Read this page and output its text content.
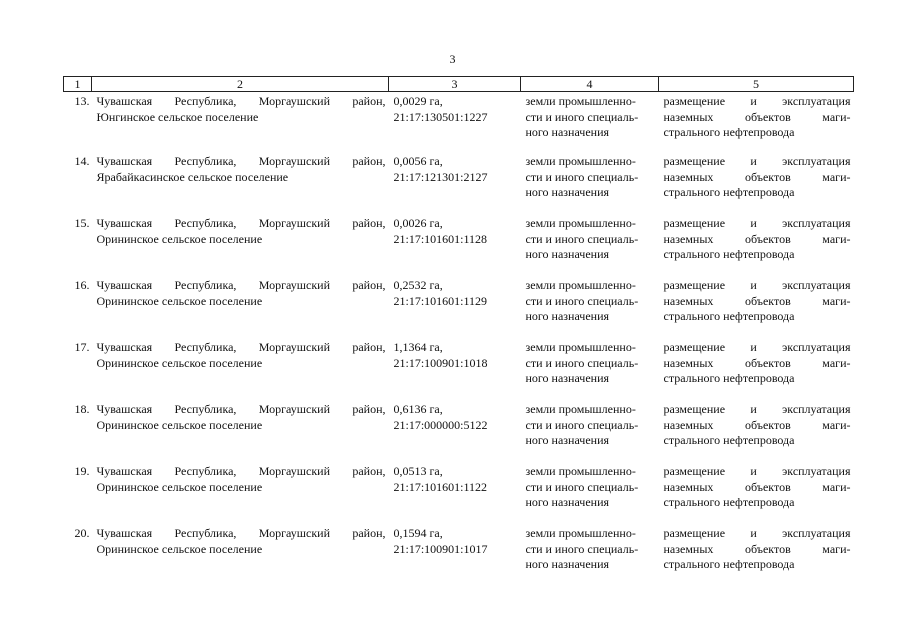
3
1	2	3	4	5

13.	Чувашская Республика, Моргаушский район,
Юнгинское сельское поселение	0,0029 га,
21:17:130501:1227	земли промышленно-
сти и иного специаль-
ного назначения	размещение и эксплуатация
наземных объектов маги-
стрального нефтепровода

14.	Чувашская Республика, Моргаушский район,
Ярабайкасинское сельское поселение	0,0056 га,
21:17:121301:2127	земли промышленно-
сти и иного специаль-
ного назначения	размещение и эксплуатация
наземных объектов маги-
стрального нефтепровода

15.	Чувашская Республика, Моргаушский район,
Орининское сельское поселение	0,0026 га,
21:17:101601:1128	земли промышленно-
сти и иного специаль-
ного назначения	размещение и эксплуатация
наземных объектов маги-
стрального нефтепровода

16.	Чувашская Республика, Моргаушский район,
Орининское сельское поселение	0,2532 га,
21:17:101601:1129	земли промышленно-
сти и иного специаль-
ного назначения	размещение и эксплуатация
наземных объектов маги-
стрального нефтепровода

17.	Чувашская Республика, Моргаушский район,
Орининское сельское поселение	1,1364 га,
21:17:100901:1018	земли промышленно-
сти и иного специаль-
ного назначения	размещение и эксплуатация
наземных объектов маги-
стрального нефтепровода

18.	Чувашская Республика, Моргаушский район,
Орининское сельское поселение	0,6136 га,
21:17:000000:5122	земли промышленно-
сти и иного специаль-
ного назначения	размещение и эксплуатация
наземных объектов маги-
стрального нефтепровода

19.	Чувашская Республика, Моргаушский район,
Орининское сельское поселение	0,0513 га,
21:17:101601:1122	земли промышленно-
сти и иного специаль-
ного назначения	размещение и эксплуатация
наземных объектов маги-
стрального нефтепровода

20.	Чувашская Республика, Моргаушский район,
Орининское сельское поселение	0,1594 га,
21:17:100901:1017	земли промышленно-
сти и иного специаль-
ного назначения	размещение и эксплуатация
наземных объектов маги-
стрального нефтепровода
